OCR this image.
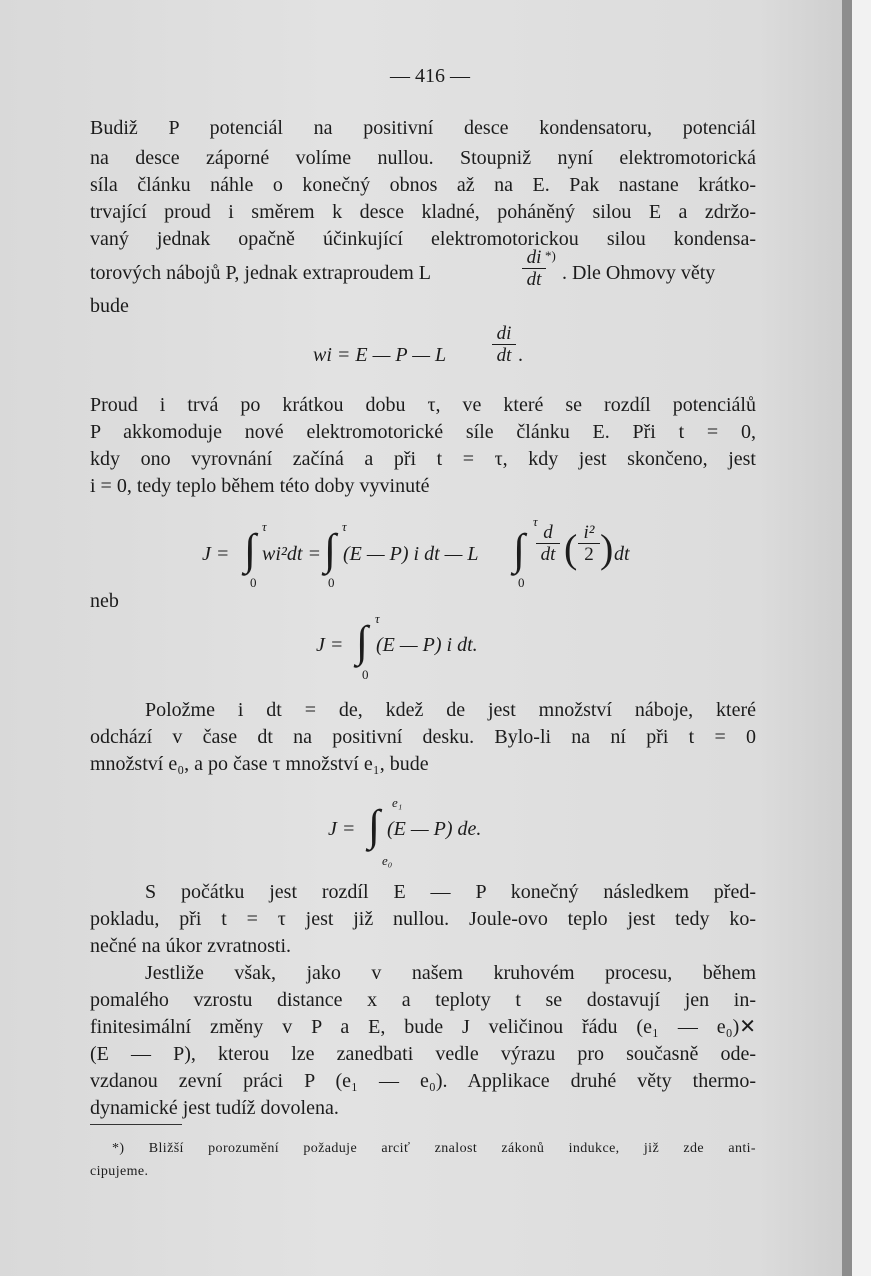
— 416 —
Budiž P potenciál na positivní desce kondensatoru, potenciál
na desce záporné volíme nullou. Stoupniž nyní elektromotorická
síla článku náhle o konečný obnos až na E. Pak nastane krátko-
trvající proud i směrem k desce kladné, poháněný silou E a zdržo-
vaný jednak opačně účinkující elektromotorickou silou kondensa-
torových nábojů P, jednak extraproudem L
di
dt
*)
. Dle Ohmovy věty
bude
wi = E — P — L
di
dt .
Proud i trvá po krátkou dobu τ, ve které se rozdíl potenciálů
P akkomoduje nové elektromotorické síle článku E. Při t = 0,
kdy ono vyrovnání začíná a při t = τ, kdy jest skončeno, jest
i = 0, tedy teplo během této doby vyvinuté
J = ∫ τ
0
wi²dt = ∫ τ
0
(E — P) i dt — L ∫
τ
0
d
dt ( i²
2 ) dt
neb
J = ∫ τ
0
(E — P) i dt.
Položme i dt = de, kdež de jest množství náboje, které
odchází v čase dt na positivní desku. Bylo-li na ní při t = 0
množství e₀, a po čase τ množství e₁, bude
J = ∫ e₁
e₀
(E — P) de.
S počátku jest rozdíl E — P konečný následkem před-
pokladu, při t = τ jest již nullou. Joule-ovo teplo jest tedy ko-
nečné na úkor zvratnosti.
Jestliže však, jako v našem kruhovém procesu, během
pomalého vzrostu distance x a teploty t se dostavují jen in-
finitesimální změny v P a E, bude J veličinou řádu (e₁ — e₀)✕
(E — P), kterou lze zanedbati vedle výrazu pro současně ode-
vzdanou zevní práci P (e₁ — e₀). Applikace druhé věty thermo-
dynamické jest tudíž dovolena.
*) Bližší porozumění požaduje arciť znalost zákonů indukce, již zde anti-
cipujeme.
